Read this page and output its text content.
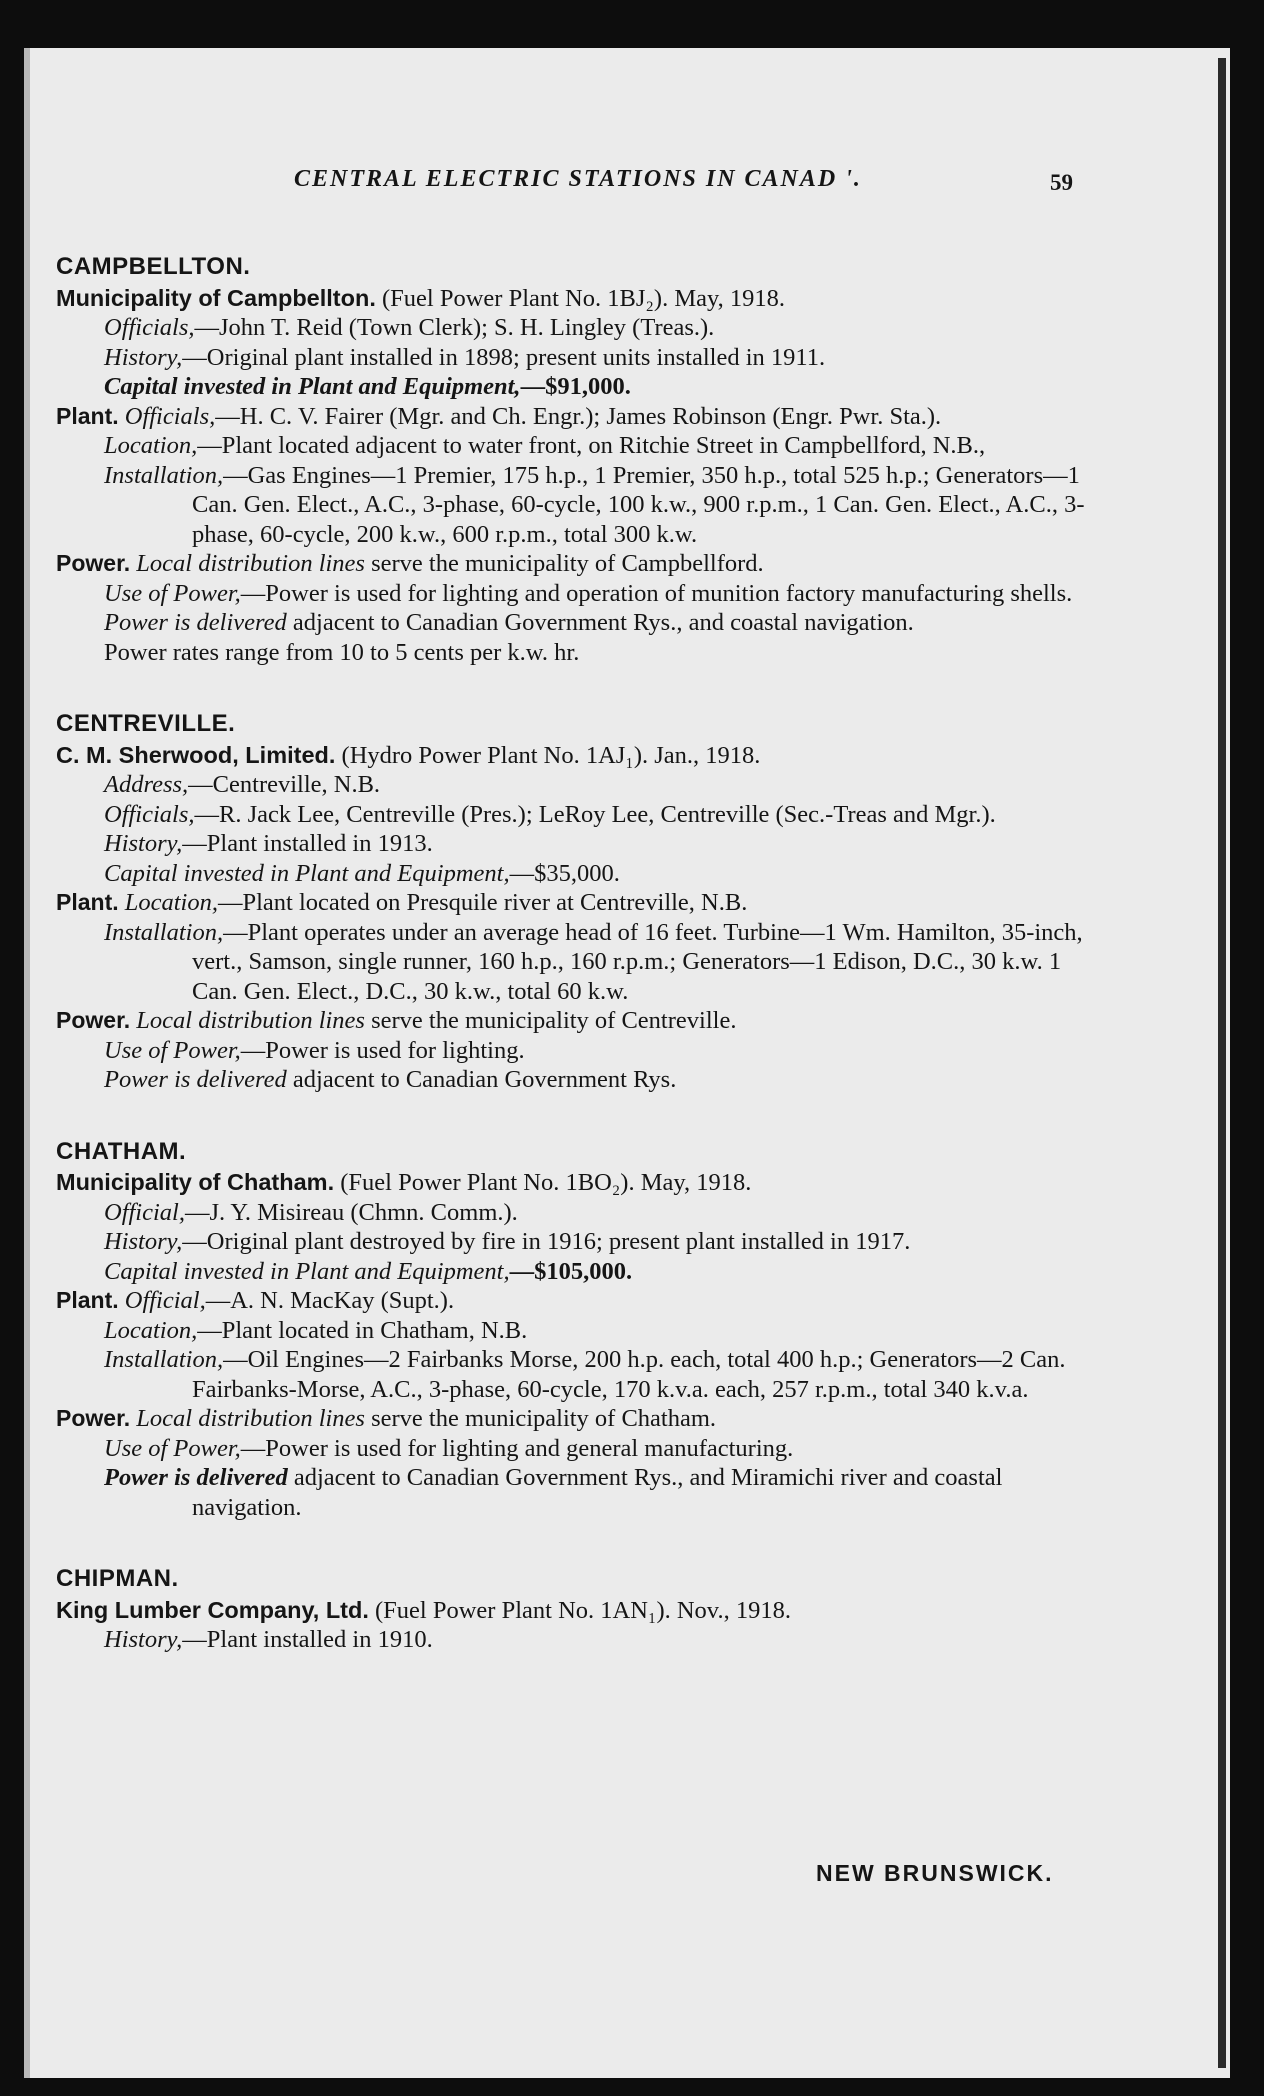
CENTRAL ELECTRIC STATIONS IN CANAD '.	59
CAMPBELLTON.
Municipality of Campbellton. (Fuel Power Plant No. 1BJ₂). May, 1918.
Officials,—John T. Reid (Town Clerk); S. H. Lingley (Treas.).
History,—Original plant installed in 1898; present units installed in 1911.
Capital invested in Plant and Equipment,—$91,000.
Plant. Officials,—H. C. V. Fairer (Mgr. and Ch. Engr.); James Robinson (Engr. Pwr. Sta.).
Location,—Plant located adjacent to water front, on Ritchie Street in Campbellford, N.B.,
Installation,—Gas Engines—1 Premier, 175 h.p., 1 Premier, 350 h.p., total 525 h.p.; Generators—1 Can. Gen. Elect., A.C., 3-phase, 60-cycle, 100 k.w., 900 r.p.m., 1 Can. Gen. Elect., A.C., 3-phase, 60-cycle, 200 k.w., 600 r.p.m., total 300 k.w.
Power. Local distribution lines serve the municipality of Campbellford.
Use of Power,—Power is used for lighting and operation of munition factory manufacturing shells.
Power is delivered adjacent to Canadian Government Rys., and coastal navigation.
Power rates range from 10 to 5 cents per k.w. hr.
CENTREVILLE.
C. M. Sherwood, Limited. (Hydro Power Plant No. 1AJ₁). Jan., 1918.
Address,—Centreville, N.B.
Officials,—R. Jack Lee, Centreville (Pres.); LeRoy Lee, Centreville (Sec.-Treas and Mgr.).
History,—Plant installed in 1913.
Capital invested in Plant and Equipment,—$35,000.
Plant. Location,—Plant located on Presquile river at Centreville, N.B.
Installation,—Plant operates under an average head of 16 feet. Turbine—1 Wm. Hamilton, 35-inch, vert., Samson, single runner, 160 h.p., 160 r.p.m.; Generators—1 Edison, D.C., 30 k.w. 1 Can. Gen. Elect., D.C., 30 k.w., total 60 k.w.
Power. Local distribution lines serve the municipality of Centreville.
Use of Power,—Power is used for lighting.
Power is delivered adjacent to Canadian Government Rys.
CHATHAM.
Municipality of Chatham. (Fuel Power Plant No. 1BO₂). May, 1918.
Official,—J. Y. Misireau (Chmn. Comm.).
History,—Original plant destroyed by fire in 1916; present plant installed in 1917.
Capital invested in Plant and Equipment,—$105,000.
Plant. Official,—A. N. MacKay (Supt.).
Location,—Plant located in Chatham, N.B.
Installation,—Oil Engines—2 Fairbanks Morse, 200 h.p. each, total 400 h.p.; Generators—2 Can. Fairbanks-Morse, A.C., 3-phase, 60-cycle, 170 k.v.a. each, 257 r.p.m., total 340 k.v.a.
Power. Local distribution lines serve the municipality of Chatham.
Use of Power,—Power is used for lighting and general manufacturing.
Power is delivered adjacent to Canadian Government Rys., and Miramichi river and coastal navigation.
CHIPMAN.
King Lumber Company, Ltd. (Fuel Power Plant No. 1AN₁). Nov., 1918.
History,—Plant installed in 1910.
NEW BRUNSWICK.
